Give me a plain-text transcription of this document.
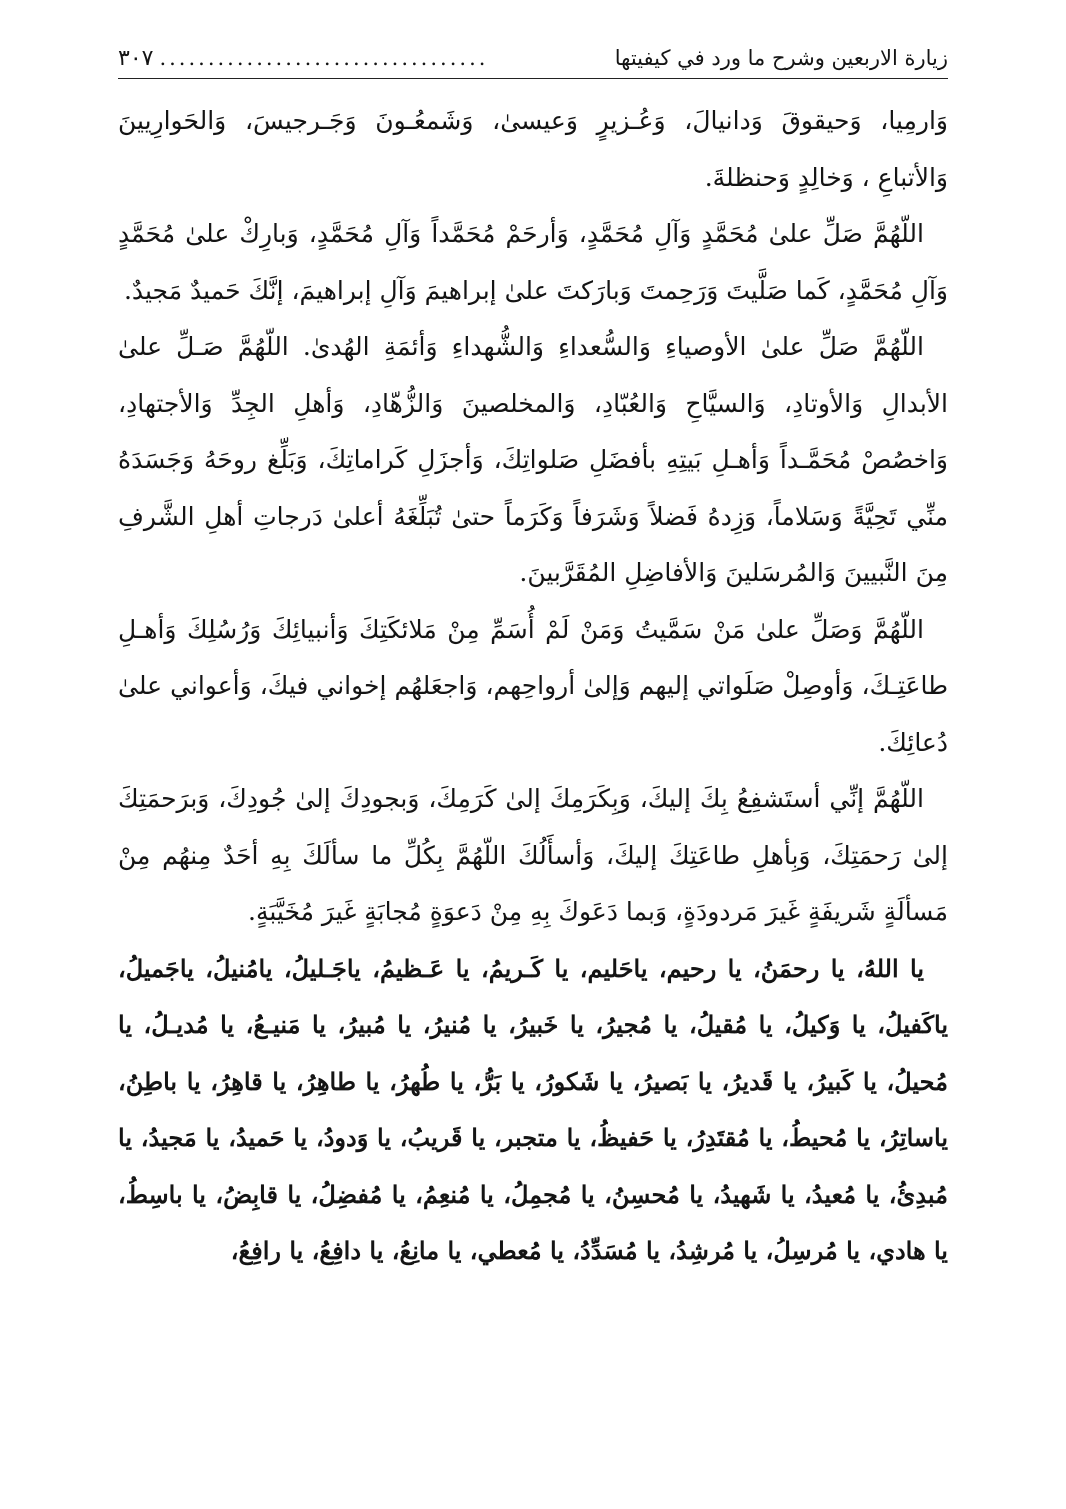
زيارة الاربعين وشرح ما ورد في كيفيتها
..................................
٣٠٧

وَارمِيا، وَحيقوقَ وَدانيالَ، وَعُـزيرٍ وَعيسىٰ، وَشَمعُـونَ وَجَـرجيسَ، وَالحَوارِيينَ وَالأتباعِ ، وَخالِدٍ وَحنظلةَ.

اللّهُمَّ صَلِّ علىٰ مُحَمَّدٍ وَآلِ مُحَمَّدٍ، وَأرحَمْ مُحَمَّداً وَآلِ مُحَمَّدٍ، وَبارِكْ علىٰ مُحَمَّدٍ وَآلِ مُحَمَّدٍ، كَما صَلَّيتَ وَرَحِمتَ وَبارَكتَ علىٰ إبراهيمَ وَآلِ إبراهيمَ، إنَّكَ حَميدٌ مَجيدٌ.

اللّهُمَّ صَلِّ علىٰ الأوصياءِ وَالسُّعداءِ وَالشُّهداءِ وَأئمَةِ الهُدىٰ. اللّهُمَّ صَـلِّ علىٰ الأبدالِ وَالأوتادِ، وَالسيَّاحِ وَالعُبّادِ، وَالمخلصينَ وَالزُّهّادِ، وَأهلِ الجِدِّ وَالأجتهادِ، وَاخصُصْ مُحَمَّـداً وَأهـلِ بَيتِهِ بأفضَلِ صَلواتِكَ، وَأجزَلِ كَراماتِكَ، وَبَلِّغ روحَهُ وَجَسَدَهُ منِّي تَحِيَّةً وَسَلاماً، وَزِدهُ فَضلاً وَشَرَفاً وَكَرَماً حتىٰ تُبَلِّغَهُ أعلىٰ دَرجاتِ أهلِ الشَّرفِ مِنَ النَّبيينَ وَالمُرسَلينَ وَالأفاضِلِ المُقَرَّبينَ.

اللّهُمَّ وَصَلِّ علىٰ مَنْ سَمَّيتُ وَمَنْ لَمْ أُسَمِّ مِنْ مَلائكَتِكَ وَأنبيائِكَ وَرُسُلِكَ وَأهـلِ طاعَتِـكَ، وَأوصِلْ صَلَواتي إليهم وَإلىٰ أرواحِهم، وَاجعَلهُم إخواني فيكَ، وَأعواني علىٰ دُعائِكَ.

اللّهُمَّ إنِّي أستَشفِعُ بِكَ إليكَ، وَبِكَرَمِكَ إلىٰ كَرَمِكَ، وَبجودِكَ إلىٰ جُودِكَ، وَبرَحمَتِكَ إلىٰ رَحمَتِكَ، وَبِأهلِ طاعَتِكَ إليكَ، وَأسأَلُكَ اللّهُمَّ بِكُلِّ ما سألَكَ بِهِ أحَدٌ مِنهُم مِنْ مَسألَةٍ شَريفَةٍ غَيرَ مَردودَةٍ، وَبما دَعَوكَ بِهِ مِنْ دَعوَةٍ مُجابَةٍ غَيرَ مُخَيَّبَةٍ.

يا اللهُ، يا رحمَنُ، يا رحيم، ياحَليم، يا كَـريمُ، يا عَـظيمُ، ياجَـليلُ، يامُنيلُ، ياجَميلُ، ياكَفيلُ، يا وَكيلُ، يا مُقيلُ، يا مُجيرُ، يا خَبيرُ، يا مُنيرُ، يا مُبيرُ، يا مَنيـعُ، يا مُديـلُ، يا مُحيلُ، يا كَبيرُ، يا قَديرُ، يا بَصيرُ، يا شَكورُ، يا بَرُّ، يا طُهرُ، يا طاهِرُ، يا قاهِرُ، يا باطِنُ، ياساتِرُ، يا مُحيطُ، يا مُقتَدِرُ، يا حَفيظُ، يا متجبر، يا قَريبُ، يا وَدودُ، يا حَميدُ، يا مَجيدُ، يا مُبدِئُ، يا مُعيدُ، يا شَهيدُ، يا مُحسِنُ، يا مُجمِلُ، يا مُنعِمُ، يا مُفضِلُ، يا قابِضُ، يا باسِطُ، يا هادي، يا مُرسِلُ، يا مُرشِدُ، يا مُسَدِّدُ، يا مُعطي، يا مانِعُ، يا دافِعُ، يا رافِعُ،
